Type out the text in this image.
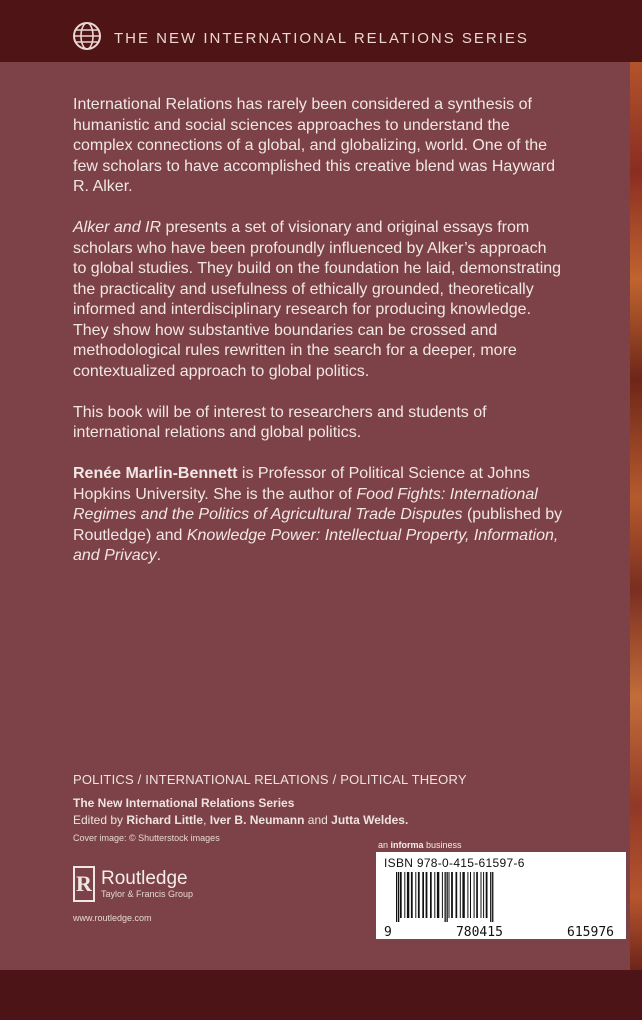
THE NEW INTERNATIONAL RELATIONS SERIES

International Relations has rarely been considered a synthesis of humanistic and social sciences approaches to understand the complex connections of a global, and globalizing, world. One of the few scholars to have accomplished this creative blend was Hayward R. Alker.

Alker and IR presents a set of visionary and original essays from scholars who have been profoundly influenced by Alker’s approach to global studies. They build on the foundation he laid, demonstrating the practicality and usefulness of ethically grounded, theoretically informed and interdisciplinary research for producing knowledge. They show how substantive boundaries can be crossed and methodological rules rewritten in the search for a deeper, more contextualized approach to global politics.

This book will be of interest to researchers and students of international relations and global politics.

Renée Marlin-Bennett is Professor of Political Science at Johns Hopkins University. She is the author of Food Fights: International Regimes and the Politics of Agricultural Trade Disputes (published by Routledge) and Knowledge Power: Intellectual Property, Information, and Privacy.

POLITICS / INTERNATIONAL RELATIONS / POLITICAL THEORY
The New International Relations Series
Edited by Richard Little, Iver B. Neumann and Jutta Weldes.
Cover image: © Shutterstock images
R Routledge
Taylor & Francis Group
www.routledge.com
an informa business
ISBN 978-0-415-61597-6
9	780415	615976
